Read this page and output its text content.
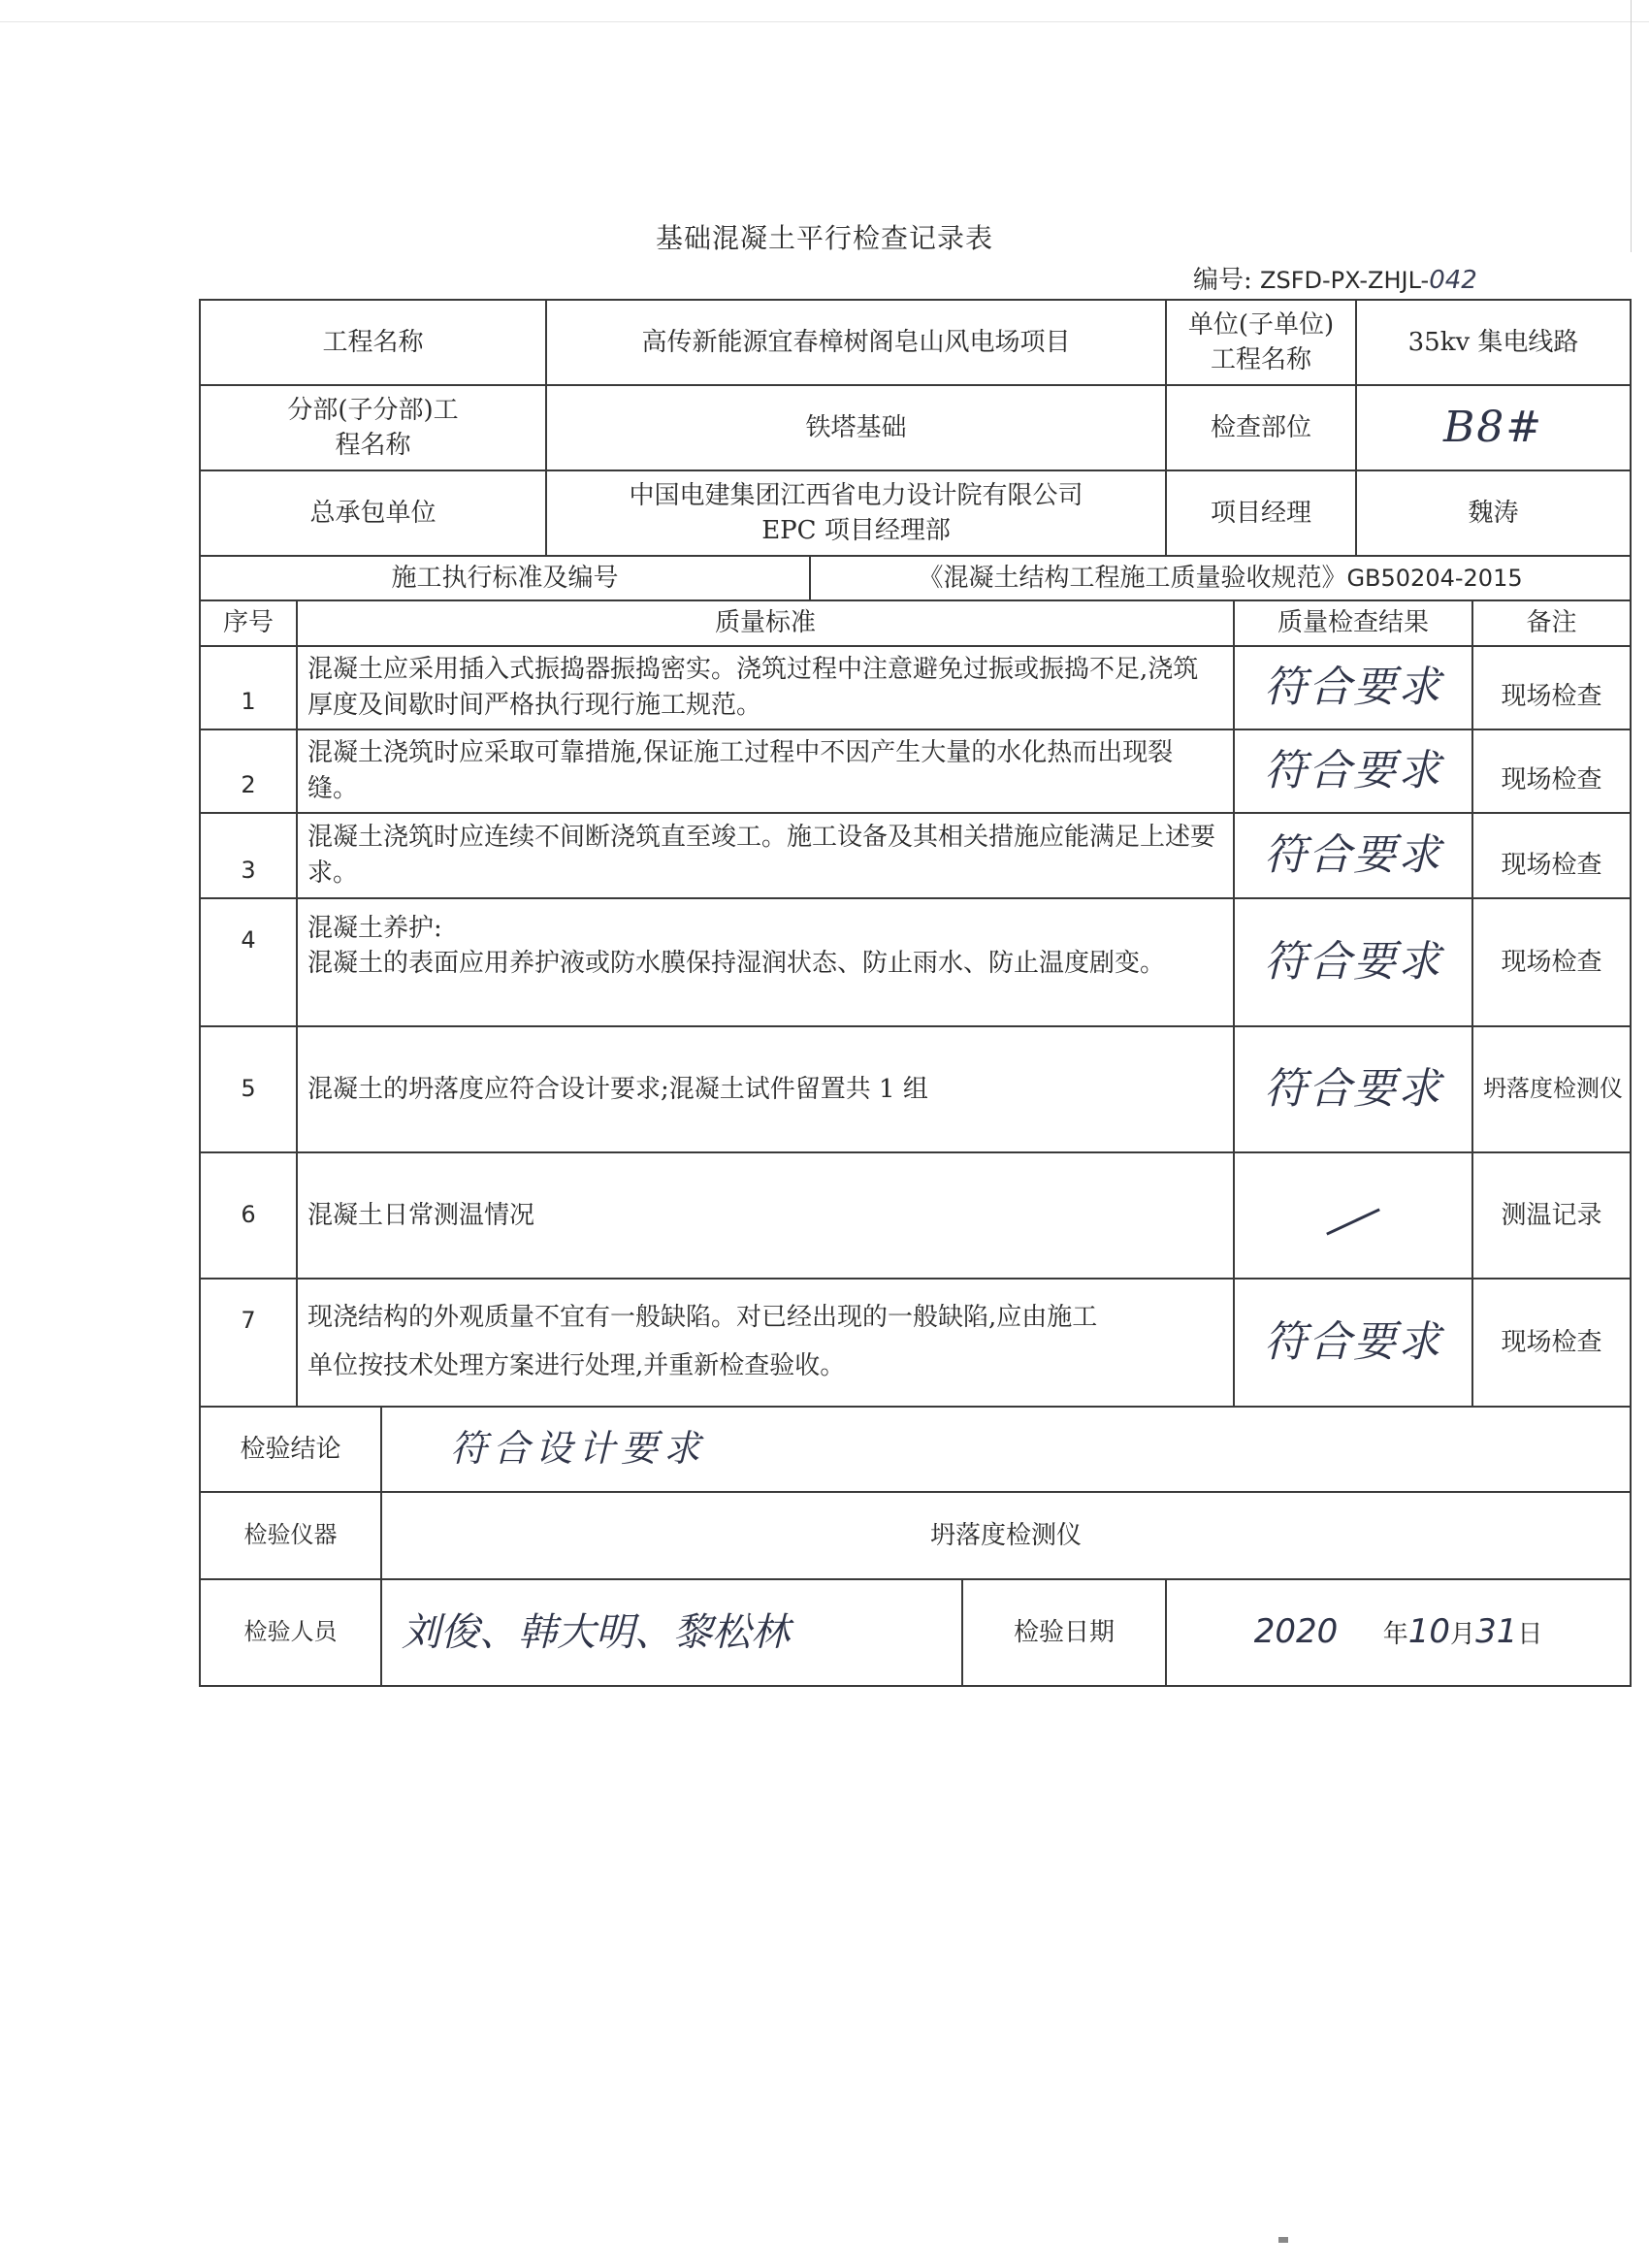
基础混凝土平行检查记录表
编号: ZSFD-PX-ZHJL-042
工程名称			高传新能源宜春樟树阁皂山风电场项目			单位(子单位)
工程名称		35kv 集电线路	

分部(子分部)工
程名称			铁塔基础			检查部位		B8#	
总承包单位			中国电建集团江西省电力设计院有限公司
EPC 项目经理部			项目经理		魏涛	
施工执行标准及编号				《混凝土结构工程施工质量验收规范》GB50204-2015					
序号	质量标准						质量检查结果		备注
1	混凝土应采用插入式振捣器振捣密实。浇筑过程中注意避免过振或振捣不足,浇筑厚度及间歇时间严格执行现行施工规范。						符合要求		现场检查
2	混凝土浇筑时应采取可靠措施,保证施工过程中不因产生大量的水化热而出现裂缝。						符合要求		现场检查
3	混凝土浇筑时应连续不间断浇筑直至竣工。施工设备及其相关措施应能满足上述要求。						符合要求		现场检查
4	混凝土养护:
混凝土的表面应用养护液或防水膜保持湿润状态、防止雨水、防止温度剧变。						符合要求		现场检查
5	混凝土的坍落度应符合设计要求;混凝土试件留置共 1 组						符合要求		坍落度检测仪
6	混凝土日常测温情况								测温记录
7	现浇结构的外观质量不宜有一般缺陷。对已经出现的一般缺陷,应由施工
单位按技术处理方案进行处理,并重新检查验收。						符合要求		现场检查
检验结论		符合设计要求							
检验仪器		坍落度检测仪							
检验人员		刘俊、韩大明、黎松林			检验日期	2020 年10月31日			
